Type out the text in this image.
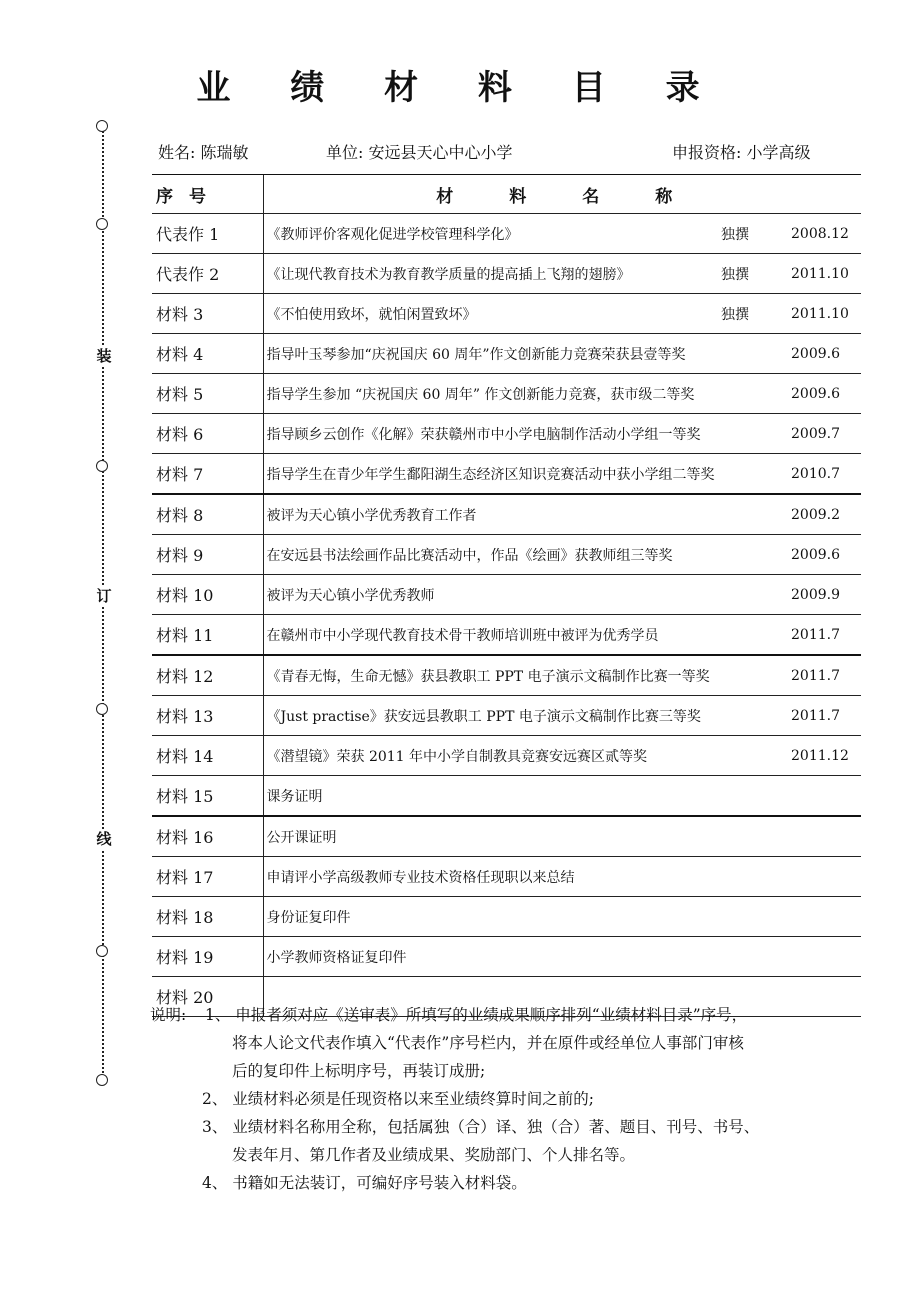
业 绩 材 料 目 录
装
订
线
姓名: 陈瑞敏	单位: 安远县天心中心小学	申报资格: 小学高级
序号	材料名称
代表作 1	《教师评价客观化促进学校管理科学化》 独撰 2008.12

代表作 2	《让现代教育技术为教育教学质量的提高插上飞翔的翅膀》 独撰 2011.10

材料 3	《不怕使用致坏，就怕闲置致坏》 独撰 2011.10

材料 4	指导叶玉琴参加“庆祝国庆 60 周年”作文创新能力竞赛荣获县壹等奖 2009.6

材料 5	指导学生参加 “庆祝国庆 60 周年” 作文创新能力竞赛，获市级二等奖 2009.6

材料 6	指导顾乡云创作《化解》荣获赣州市中小学电脑制作活动小学组一等奖 2009.7

材料 7	指导学生在青少年学生鄱阳湖生态经济区知识竞赛活动中获小学组二等奖 2010.7

材料 8	被评为天心镇小学优秀教育工作者 2009.2

材料 9	在安远县书法绘画作品比赛活动中，作品《绘画》获教师组三等奖 2009.6

材料 10	被评为天心镇小学优秀教师 2009.9

材料 11	在赣州市中小学现代教育技术骨干教师培训班中被评为优秀学员 2011.7

材料 12	《青春无悔，生命无憾》获县教职工 PPT 电子演示文稿制作比赛一等奖 2011.7

材料 13	《Just practise》获安远县教职工 PPT 电子演示文稿制作比赛三等奖 2011.7

材料 14	《潜望镜》荣获 2011 年中小学自制教具竞赛安远赛区贰等奖 2011.12

材料 15	课务证明

材料 16	公开课证明

材料 17	申请评小学高级教师专业技术资格任现职以来总结

材料 18	身份证复印件

材料 19	小学教师资格证复印件

材料 20	
说明: 1、 申报者须对应《送审表》所填写的业绩成果顺序排列“业绩材料目录”序号，
将本人论文代表作填入“代表作”序号栏内，并在原件或经单位人事部门审核
后的复印件上标明序号，再装订成册;
2、 业绩材料必须是任现资格以来至业绩终算时间之前的;
3、 业绩材料名称用全称，包括属独（合）译、独（合）著、题目、刊号、书号、
发表年月、第几作者及业绩成果、奖励部门、个人排名等。
4、 书籍如无法装订，可编好序号装入材料袋。
